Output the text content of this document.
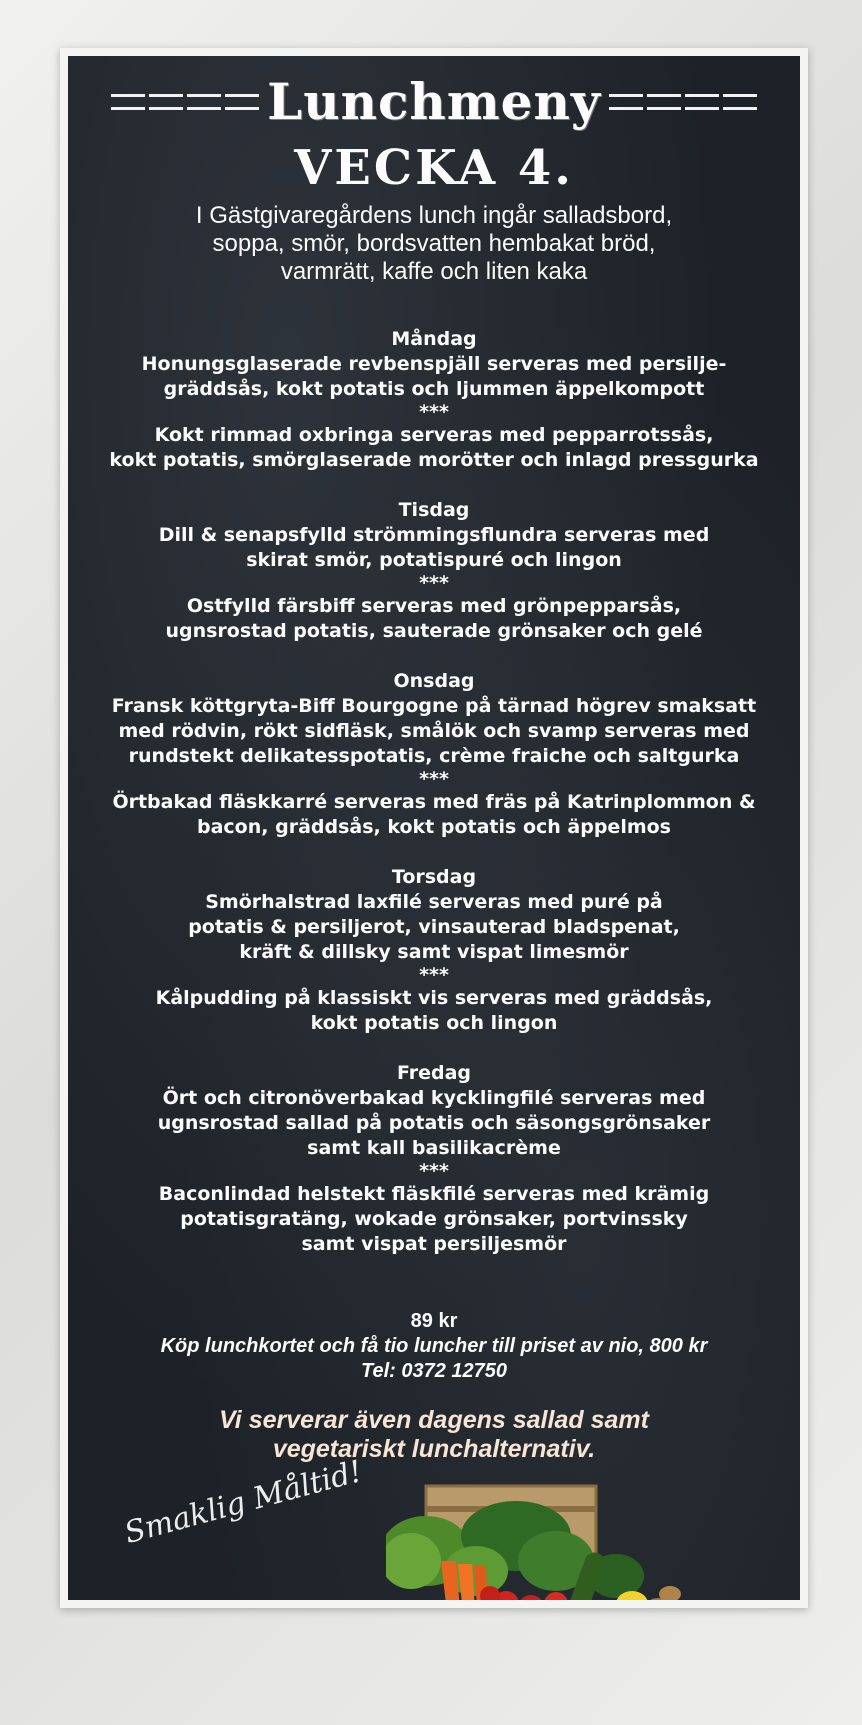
Lunchmeny
VECKA 4.
I Gästgivaregårdens lunch ingår salladsbord,
soppa, smör, bordsvatten hembakat bröd,
varmrätt, kaffe och liten kaka
Måndag
Honungsglaserade revbenspjäll serveras med persilje-
gräddsås, kokt potatis och ljummen äppelkompott
***
Kokt rimmad oxbringa serveras med pepparrotssås,
kokt potatis, smörglaserade morötter och inlagd pressgurka
Tisdag
Dill & senapsfylld strömmingsflundra serveras med
skirat smör, potatispuré och lingon
***
Ostfylld färsbiff serveras med grönpepparsås,
ugnsrostad potatis, sauterade grönsaker och gelé
Onsdag
Fransk köttgryta-Biff Bourgogne på tärnad högrev smaksatt
med rödvin, rökt sidfläsk, smålök och svamp serveras med
rundstekt delikatesspotatis, crème fraiche och saltgurka
***
Örtbakad fläskkarré serveras med fräs på Katrinplommon &
bacon, gräddsås, kokt potatis och äppelmos
Torsdag
Smörhalstrad laxfilé serveras med puré på
potatis & persiljerot, vinsauterad bladspenat,
kräft & dillsky samt vispat limesmör
***
Kålpudding på klassiskt vis serveras med gräddsås,
kokt potatis och lingon
Fredag
Ört och citronöverbakad kycklingfilé serveras med
ugnsrostad sallad på potatis och säsongsgrönsaker
samt kall basilikacrème
***
Baconlindad helstekt fläskfilé serveras med krämig
potatisgratäng, wokade grönsaker, portvinssky
samt vispat persiljesmör
89 kr
Köp lunchkortet och få tio luncher till priset av nio, 800 kr
Tel: 0372 12750
Vi serverar även dagens sallad samt
vegetariskt lunchalternativ.
Smaklig Måltid!
